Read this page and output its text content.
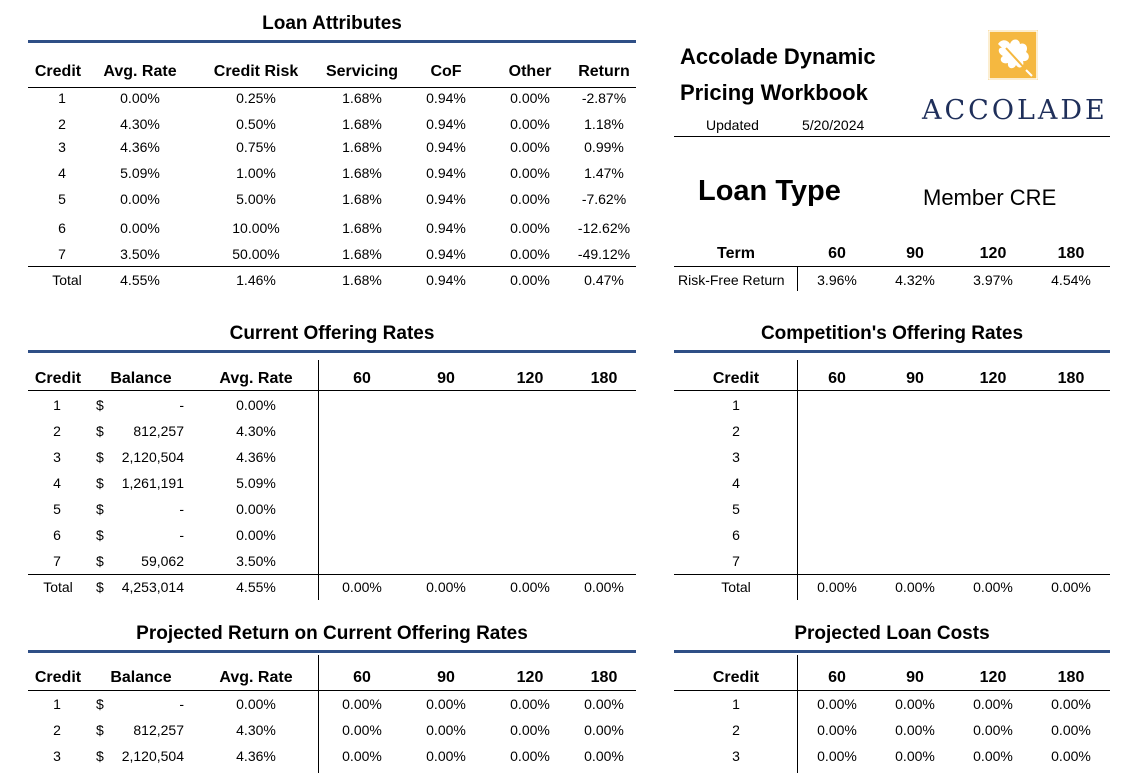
Loan Attributes
Credit	Avg. Rate	Credit Risk	Servicing	CoF	Other	Return
1	0.00%	0.25%	1.68%	0.94%	0.00%	-2.87%
2	4.30%	0.50%	1.68%	0.94%	0.00%	1.18%
3	4.36%	0.75%	1.68%	0.94%	0.00%	0.99%
4	5.09%	1.00%	1.68%	0.94%	0.00%	1.47%
5	0.00%	5.00%	1.68%	0.94%	0.00%	-7.62%
6	0.00%	10.00%	1.68%	0.94%	0.00%	-12.62%
7	3.50%	50.00%	1.68%	0.94%	0.00%	-49.12%
Total	4.55%	1.46%	1.68%	0.94%	0.00%	0.47%
Accolade Dynamic
Pricing Workbook
Updated	5/20/2024 ACCOLADE
Loan Type	Member CRE
Term	60	90	120	180
Risk-Free Return	3.96%	4.32%	3.97%	4.54%
Current Offering Rates
Credit	Balance	Avg. Rate	60	90	120	180
1	$	-	0.00%
2	$	812,257	4.30%
3	$	2,120,504	4.36%
4	$	1,261,191	5.09%
5	$	-	0.00%
6	$	-	0.00%
7	$	59,062	3.50%
Total	$	4,253,014	4.55%	0.00%	0.00%	0.00%	0.00%
Competition's Offering Rates
Credit	60	90	120	180
1
2
3
4
5
6
7
Total	0.00%	0.00%	0.00%	0.00%
Projected Return on Current Offering Rates
Credit	Balance	Avg. Rate	60	90	120	180
1	$	-	0.00%	0.00%	0.00%	0.00%	0.00%
2	$	812,257	4.30%	0.00%	0.00%	0.00%	0.00%
3	$	2,120,504	4.36%	0.00%	0.00%	0.00%	0.00%
Projected Loan Costs
Credit	60	90	120	180
1	0.00%	0.00%	0.00%	0.00%
2	0.00%	0.00%	0.00%	0.00%
3	0.00%	0.00%	0.00%	0.00%
